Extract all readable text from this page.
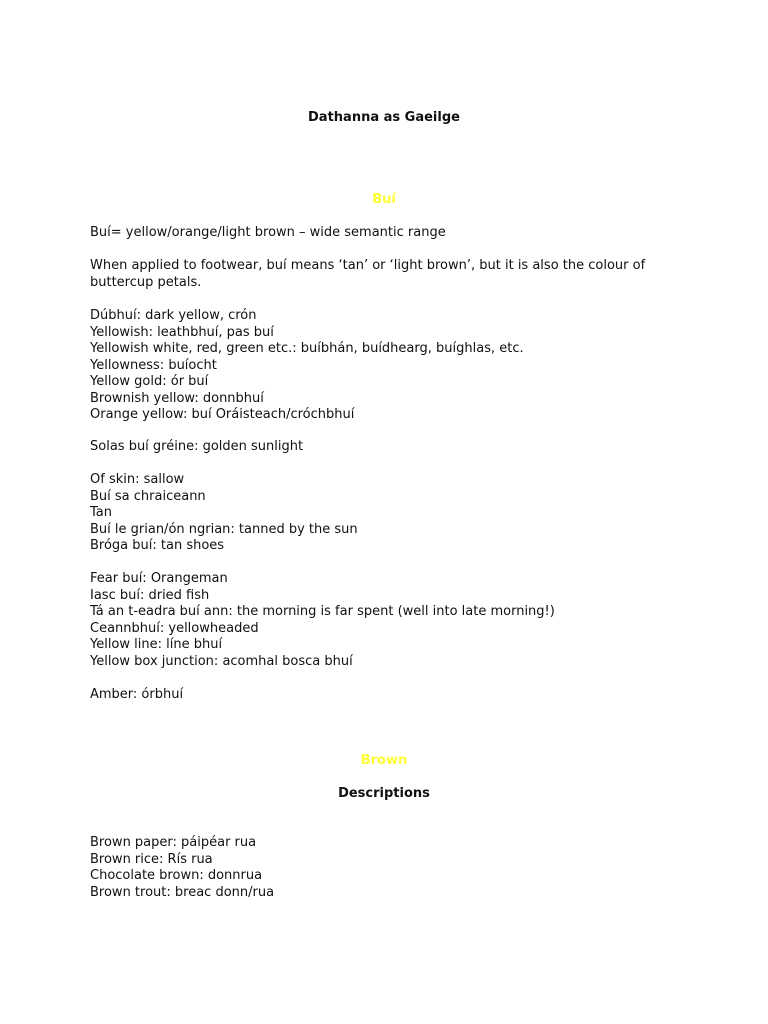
Dathanna as Gaeilge
Buí
Buí= yellow/orange/light brown – wide semantic range
When applied to footwear, buí means ‘tan’ or ‘light brown’, but it is also the colour of buttercup petals.
Dúbhuí: dark yellow, crón
Yellowish: leathbhuí, pas buí
Yellowish white, red, green etc.: buíbhán, buídhearg, buíghlas, etc.
Yellowness: buíocht
Yellow gold: ór buí
Brownish yellow: donnbhuí
Orange yellow: buí Oráisteach/cróchbhuí
Solas buí gréine: golden sunlight
Of skin: sallow
Buí sa chraiceann
Tan
Buí le grian/ón ngrian: tanned by the sun
Bróga buí: tan shoes
Fear buí: Orangeman
Iasc buí: dried fish
Tá an t-eadra buí ann: the morning is far spent (well into late morning!)
Ceannbhuí: yellowheaded
Yellow line: líne bhuí
Yellow box junction: acomhal bosca bhuí
Amber: órbhuí
Brown
Descriptions
Brown paper: páipéar rua
Brown rice: Rís rua
Chocolate brown: donnrua
Brown trout: breac donn/rua
